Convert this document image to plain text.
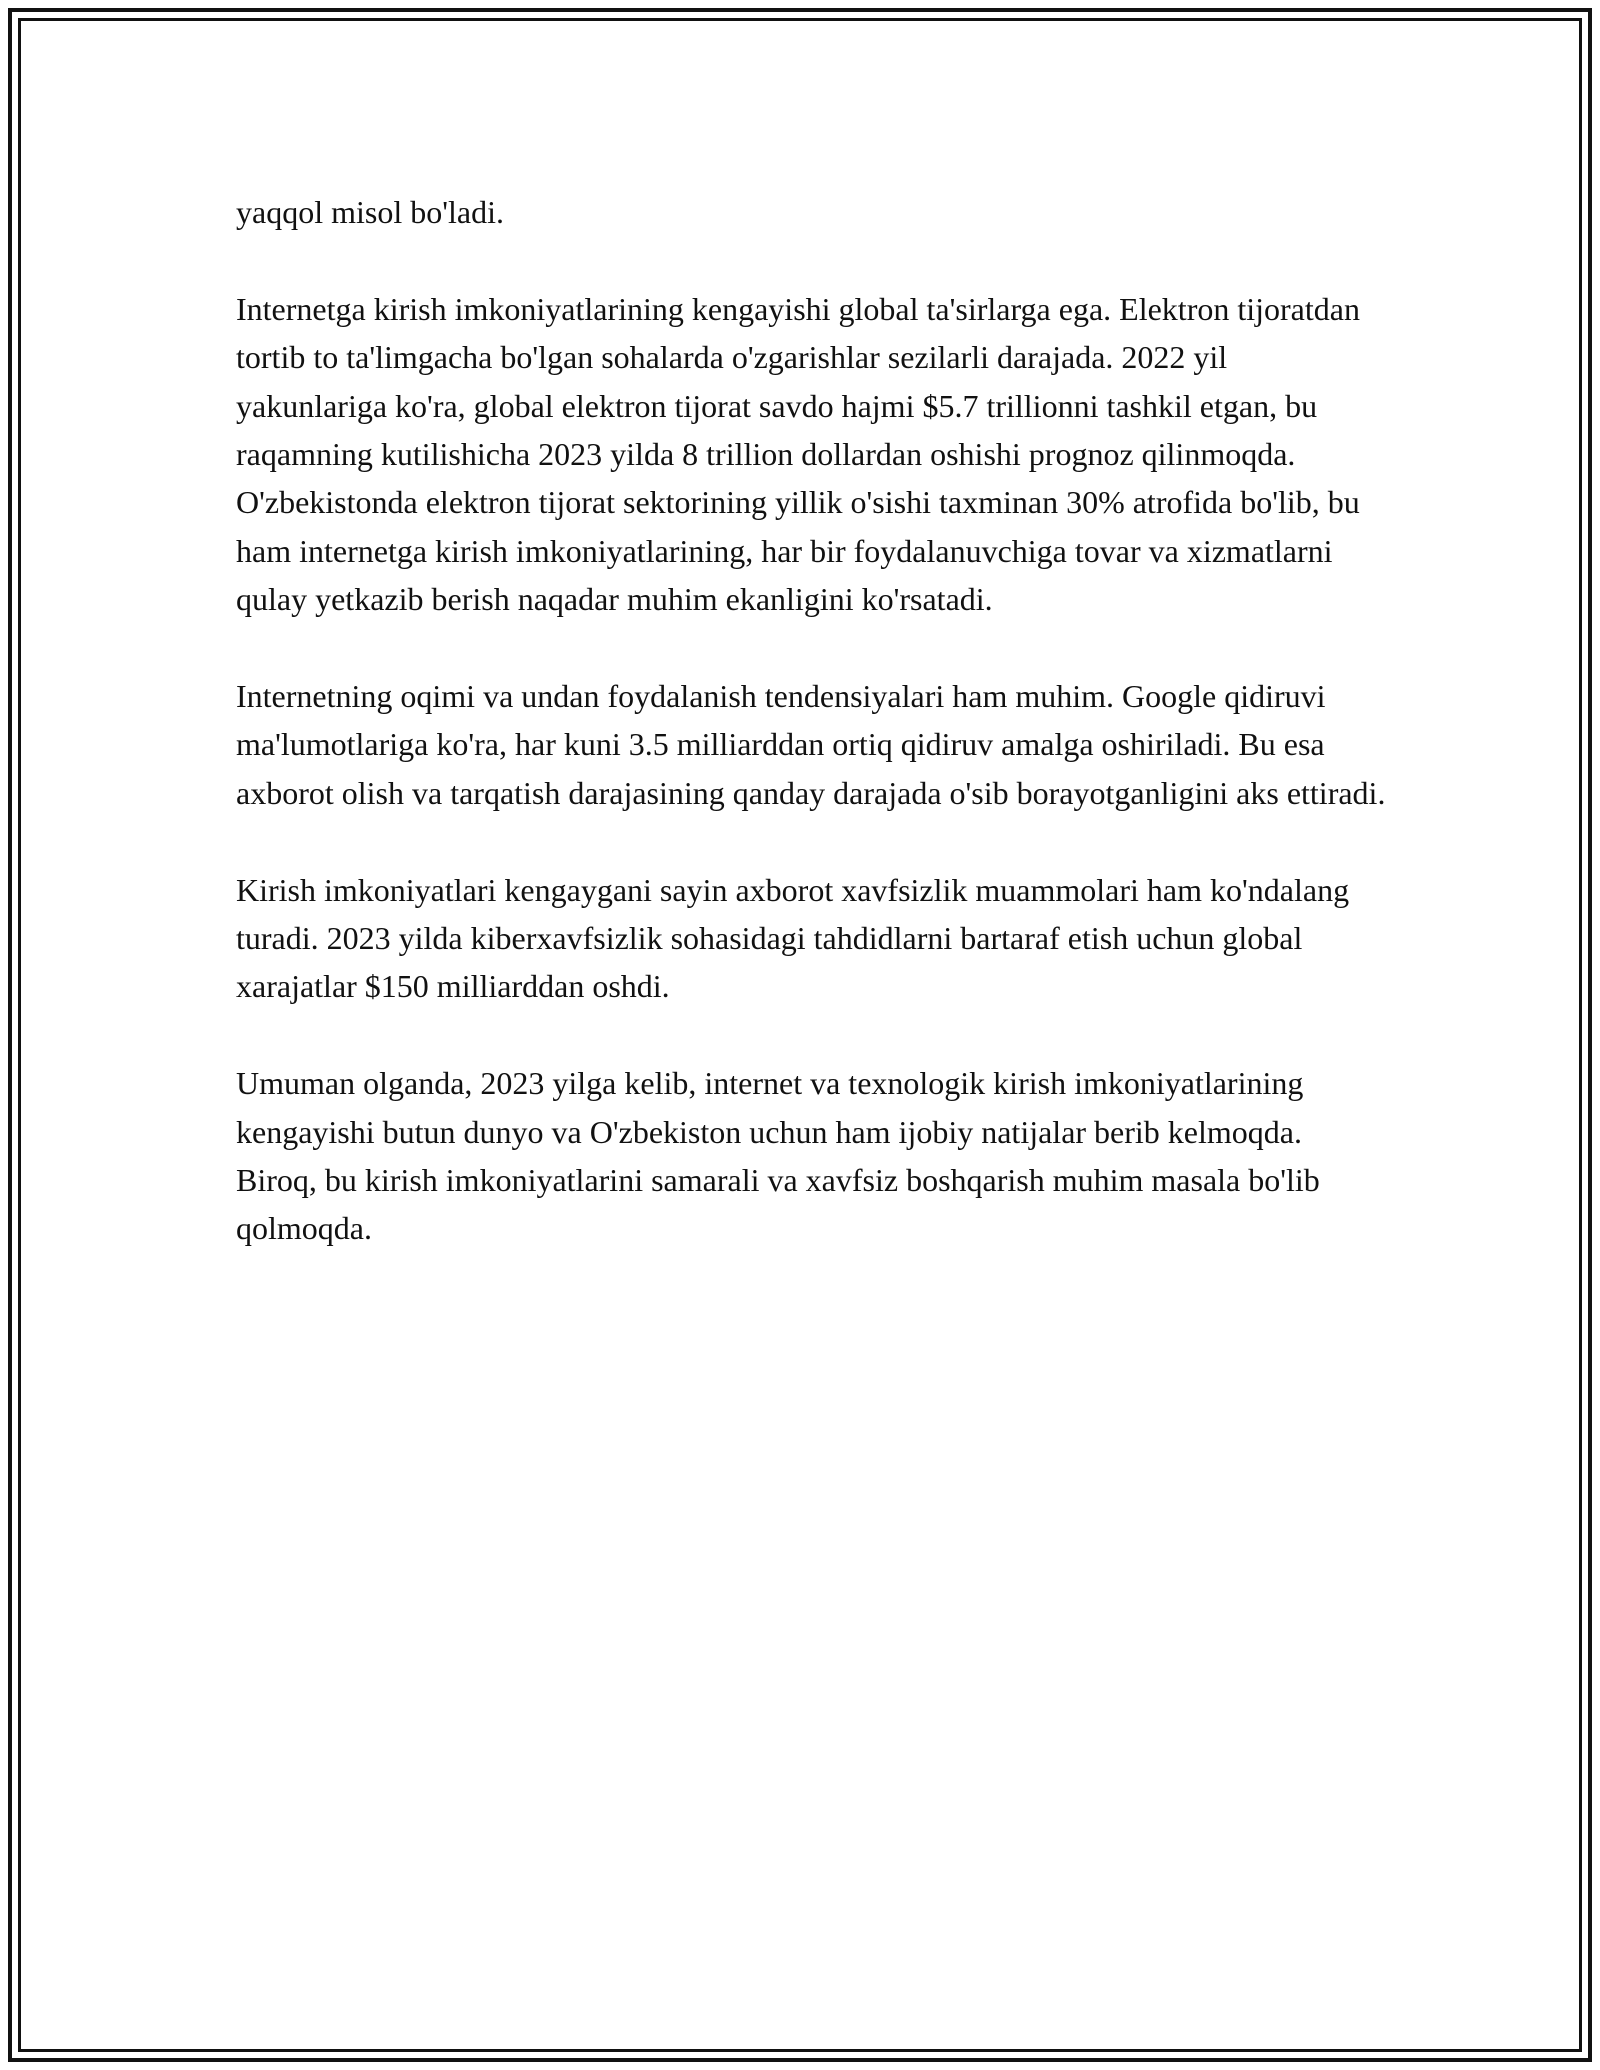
yaqqol misol bo'ladi.

Internetga kirish imkoniyatlarining kengayishi global ta'sirlarga ega. Elektron tijoratdan tortib to ta'limgacha bo'lgan sohalarda o'zgarishlar sezilarli darajada. 2022 yil yakunlariga ko'ra, global elektron tijorat savdo hajmi $5.7 trillionni tashkil etgan, bu raqamning kutilishicha 2023 yilda 8 trillion dollardan oshishi prognoz qilinmoqda. O'zbekistonda elektron tijorat sektorining yillik o'sishi taxminan 30% atrofida bo'lib, bu ham internetga kirish imkoniyatlarining, har bir foydalanuvchiga tovar va xizmatlarni qulay yetkazib berish naqadar muhim ekanligini ko'rsatadi.

Internetning oqimi va undan foydalanish tendensiyalari ham muhim. Google qidiruvi ma'lumotlariga ko'ra, har kuni 3.5 milliarddan ortiq qidiruv amalga oshiriladi. Bu esa axborot olish va tarqatish darajasining qanday darajada o'sib borayotganligini aks ettiradi.

Kirish imkoniyatlari kengaygani sayin axborot xavfsizlik muammolari ham ko'ndalang turadi. 2023 yilda kiberxavfsizlik sohasidagi tahdidlarni bartaraf etish uchun global xarajatlar $150 milliarddan oshdi.

Umuman olganda, 2023 yilga kelib, internet va texnologik kirish imkoniyatlarining kengayishi butun dunyo va O'zbekiston uchun ham ijobiy natijalar berib kelmoqda. Biroq, bu kirish imkoniyatlarini samarali va xavfsiz boshqarish muhim masala bo'lib qolmoqda.
